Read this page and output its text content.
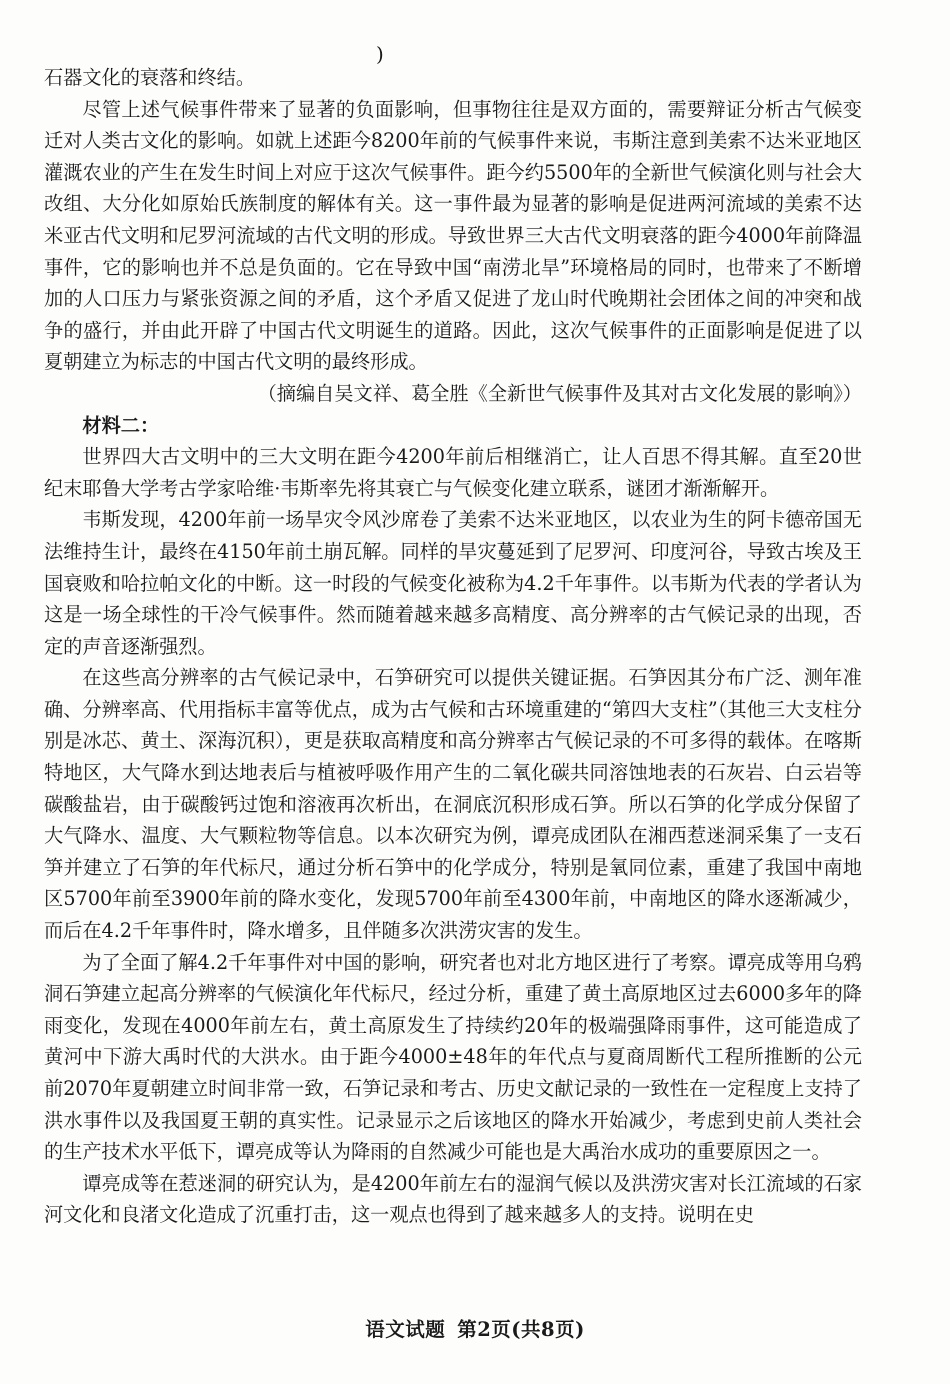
)

石器文化的衰落和终结。

尽管上述气候事件带来了显著的负面影响，但事物往往是双方面的，需要辩证分析古气候变迁对人类古文化的影响。如就上述距今8200年前的气候事件来说，韦斯注意到美索不达米亚地区灌溉农业的产生在发生时间上对应于这次气候事件。距今约5500年的全新世气候演化则与社会大改组、大分化如原始氏族制度的解体有关。这一事件最为显著的影响是促进两河流域的美索不达米亚古代文明和尼罗河流域的古代文明的形成。导致世界三大古代文明衰落的距今4000年前降温事件，它的影响也并不总是负面的。它在导致中国“南涝北旱”环境格局的同时，也带来了不断增加的人口压力与紧张资源之间的矛盾，这个矛盾又促进了龙山时代晚期社会团体之间的冲突和战争的盛行，并由此开辟了中国古代文明诞生的道路。因此，这次气候事件的正面影响是促进了以夏朝建立为标志的中国古代文明的最终形成。

（摘编自吴文祥、葛全胜《全新世气候事件及其对古文化发展的影响》）

材料二：

世界四大古文明中的三大文明在距今4200年前后相继消亡，让人百思不得其解。直至20世纪末耶鲁大学考古学家哈维·韦斯率先将其衰亡与气候变化建立联系，谜团才渐渐解开。

韦斯发现，4200年前一场旱灾令风沙席卷了美索不达米亚地区，以农业为生的阿卡德帝国无法维持生计，最终在4150年前土崩瓦解。同样的旱灾蔓延到了尼罗河、印度河谷，导致古埃及王国衰败和哈拉帕文化的中断。这一时段的气候变化被称为4.2千年事件。以韦斯为代表的学者认为这是一场全球性的干冷气候事件。然而随着越来越多高精度、高分辨率的古气候记录的出现，否定的声音逐渐强烈。

在这些高分辨率的古气候记录中，石笋研究可以提供关键证据。石笋因其分布广泛、测年准确、分辨率高、代用指标丰富等优点，成为古气候和古环境重建的“第四大支柱”（其他三大支柱分别是冰芯、黄土、深海沉积），更是获取高精度和高分辨率古气候记录的不可多得的载体。在喀斯特地区，大气降水到达地表后与植被呼吸作用产生的二氧化碳共同溶蚀地表的石灰岩、白云岩等碳酸盐岩，由于碳酸钙过饱和溶液再次析出，在洞底沉积形成石笋。所以石笋的化学成分保留了大气降水、温度、大气颗粒物等信息。以本次研究为例，谭亮成团队在湘西惹迷洞采集了一支石笋并建立了石笋的年代标尺，通过分析石笋中的化学成分，特别是氧同位素，重建了我国中南地区5700年前至3900年前的降水变化，发现5700年前至4300年前，中南地区的降水逐渐减少，而后在4.2千年事件时，降水增多，且伴随多次洪涝灾害的发生。

为了全面了解4.2千年事件对中国的影响，研究者也对北方地区进行了考察。谭亮成等用乌鸦洞石笋建立起高分辨率的气候演化年代标尺，经过分析，重建了黄土高原地区过去6000多年的降雨变化，发现在4000年前左右，黄土高原发生了持续约20年的极端强降雨事件，这可能造成了黄河中下游大禹时代的大洪水。由于距今4000±48年的年代点与夏商周断代工程所推断的公元前2070年夏朝建立时间非常一致，石笋记录和考古、历史文献记录的一致性在一定程度上支持了洪水事件以及我国夏王朝的真实性。记录显示之后该地区的降水开始减少，考虑到史前人类社会的生产技术水平低下，谭亮成等认为降雨的自然减少可能也是大禹治水成功的重要原因之一。

谭亮成等在惹迷洞的研究认为，是4200年前左右的湿润气候以及洪涝灾害对长江流域的石家河文化和良渚文化造成了沉重打击，这一观点也得到了越来越多人的支持。说明在史

语文试题 第2页(共8页)
